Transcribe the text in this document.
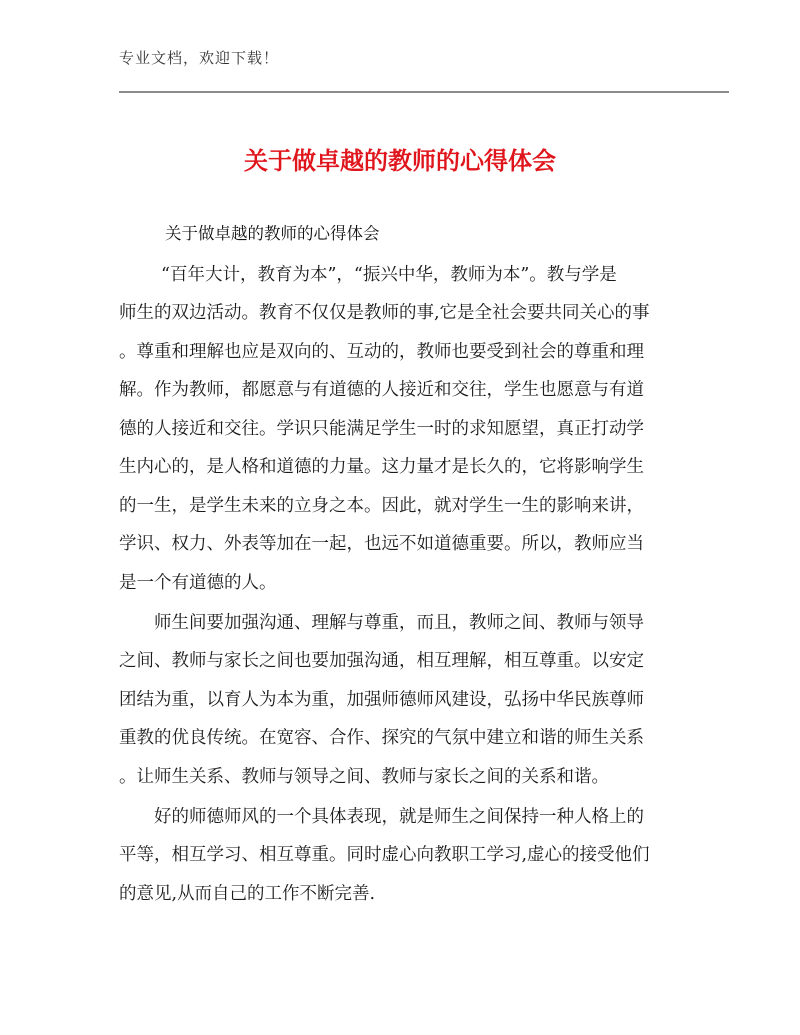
专业文档，欢迎下载！
关于做卓越的教师的心得体会
关于做卓越的教师的心得体会
“百年大计，教育为本”，“振兴中华，教师为本”。教与学是
师生的双边活动。教育不仅仅是教师的事,它是全社会要共同关心的事
。尊重和理解也应是双向的、互动的，教师也要受到社会的尊重和理
解。作为教师，都愿意与有道德的人接近和交往，学生也愿意与有道
德的人接近和交往。学识只能满足学生一时的求知愿望，真正打动学
生内心的，是人格和道德的力量。这力量才是长久的，它将影响学生
的一生，是学生未来的立身之本。因此，就对学生一生的影响来讲，
学识、权力、外表等加在一起，也远不如道德重要。所以，教师应当
是一个有道德的人。
师生间要加强沟通、理解与尊重，而且，教师之间、教师与领导
之间、教师与家长之间也要加强沟通，相互理解，相互尊重。以安定
团结为重，以育人为本为重，加强师德师风建设，弘扬中华民族尊师
重教的优良传统。在宽容、合作、探究的气氛中建立和谐的师生关系
。让师生关系、教师与领导之间、教师与家长之间的关系和谐。
好的师德师风的一个具体表现，就是师生之间保持一种人格上的
平等，相互学习、相互尊重。同时虚心向教职工学习,虚心的接受他们
的意见,从而自己的工作不断完善.
